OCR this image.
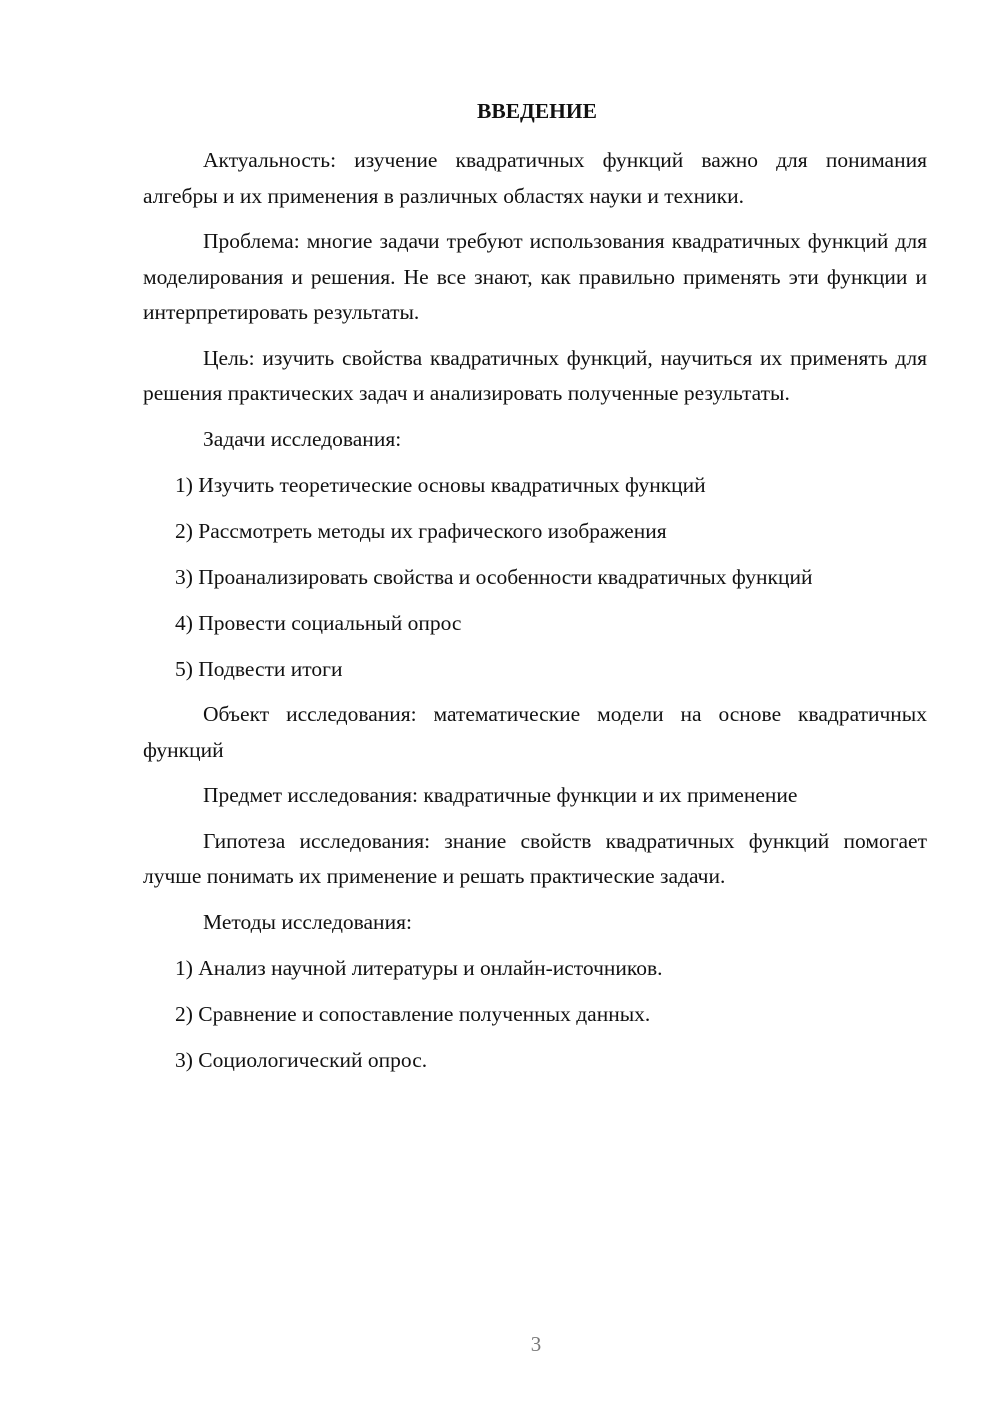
ВВЕДЕНИЕ
Актуальность: изучение квадратичных функций важно для понимания алгебры и их применения в различных областях науки и техники.
Проблема: многие задачи требуют использования квадратичных функций для моделирования и решения. Не все знают, как правильно применять эти функции и интерпретировать результаты.
Цель: изучить свойства квадратичных функций, научиться их применять для решения практических задач и анализировать полученные результаты.
Задачи исследования:
1) Изучить теоретические основы квадратичных функций
2) Рассмотреть методы их графического изображения
3) Проанализировать свойства и особенности квадратичных функций
4) Провести социальный опрос
5) Подвести итоги
Объект исследования: математические модели на основе квадратичных функций
Предмет исследования: квадратичные функции и их применение
Гипотеза исследования: знание свойств квадратичных функций помогает лучше понимать их применение и решать практические задачи.
Методы исследования:
1) Анализ научной литературы и онлайн-источников.
2) Сравнение и сопоставление полученных данных.
3) Социологический опрос.
3
